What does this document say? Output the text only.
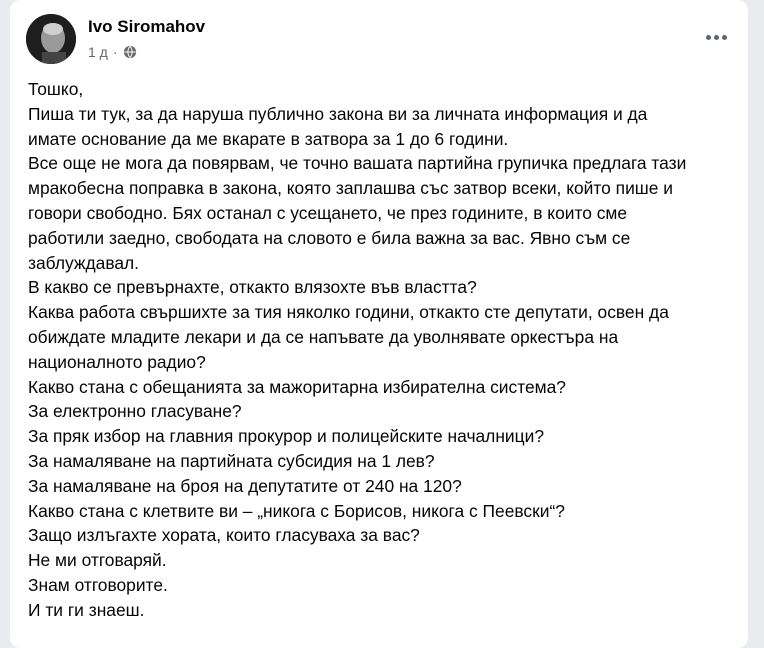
Ivo Siromahov
1 д ·
Тошко,
Пиша ти тук, за да наруша публично закона ви за личната информация и да
имате основание да ме вкарате в затвора за 1 до 6 години.
Все още не мога да повярвам, че точно вашата партийна групичка предлага тази
мракобесна поправка в закона, която заплашва със затвор всеки, който пише и
говори свободно. Бях останал с усещането, че през годините, в които сме
работили заедно, свободата на словото е била важна за вас. Явно съм се
заблуждавал.
В какво се превърнахте, откакто влязохте във властта?
Каква работа свършихте за тия няколко години, откакто сте депутати, освен да
обиждате младите лекари и да се напъвате да уволнявате оркестъра на
националното радио?
Какво стана с обещанията за мажоритарна избирателна система?
За електронно гласуване?
За пряк избор на главния прокурор и полицейските началници?
За намаляване на партийната субсидия на 1 лев?
За намаляване на броя на депутатите от 240 на 120?
Какво стана с клетвите ви – „никога с Борисов, никога с Пеевски“?
Защо излъгахте хората, които гласуваха за вас?
Не ми отговаряй.
Знам отговорите.
И ти ги знаеш.
